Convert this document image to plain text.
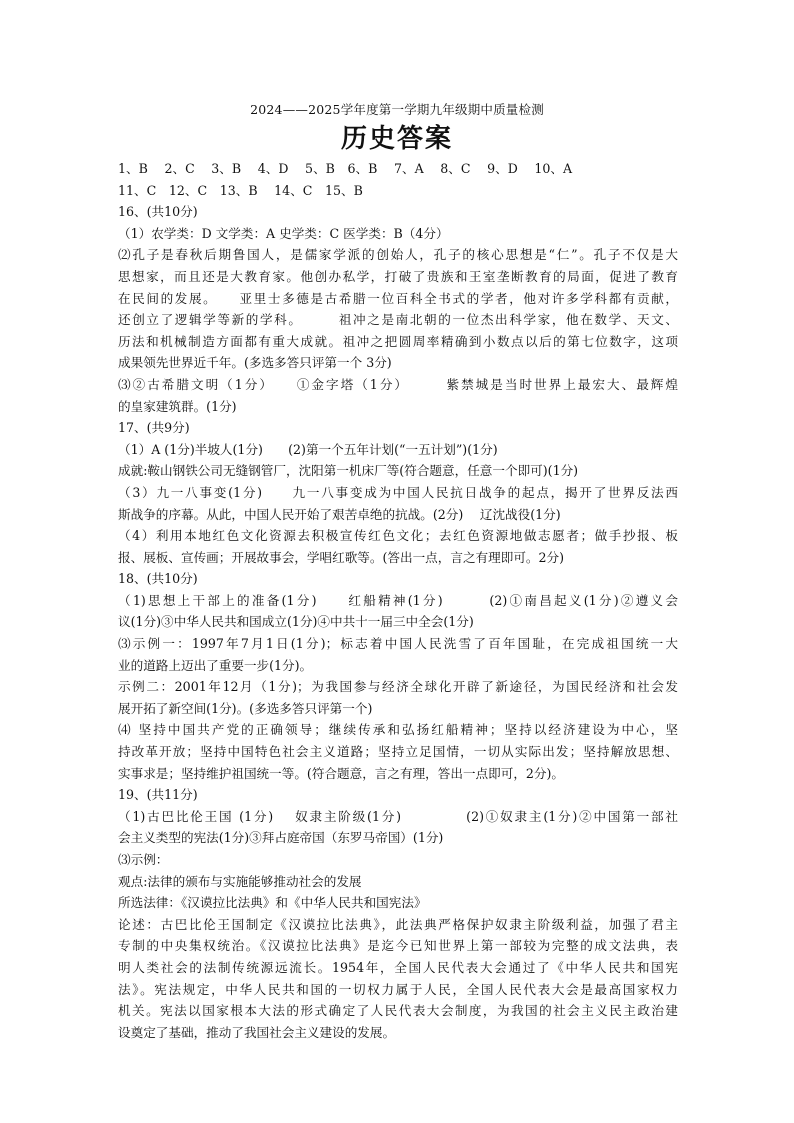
2024——2025学年度第一学期九年级期中质量检测
历史答案
1、B　 2、C　 3、B　 4、D　 5、B　6、B　 7、A　 8、C　 9、D　 10、A
11、C　12、C　13、B　 14、C　15、B
16、(共10分)
（1）农学类：D 文学类：A 史学类：C 医学类：B（4分）
⑵孔子是春秋后期鲁国人，是儒家学派的创始人，孔子的核心思想是“仁”。孔子不仅是大
思想家，而且还是大教育家。他创办私学，打破了贵族和王室垄断教育的局面，促进了教育
在民间的发展。　　亚里士多德是古希腊一位百科全书式的学者，他对许多学科都有贡献，
还创立了逻辑学等新的学科。　　　祖冲之是南北朝的一位杰出科学家，他在数学、天文、
历法和机械制造方面都有重大成就。祖冲之把圆周率精确到小数点以后的第七位数字，这项
成果领先世界近千年。(多选多答只评第一个 3分)
⑶②古希腊文明（1分）　　①金字塔（1分）　　　紫禁城是当时世界上最宏大、最辉煌
的皇家建筑群。(1分)
17、(共9分)
（1）A (1分)半坡人(1分)　　(2)第一个五年计划(“一五计划”)(1分)
成就:鞍山钢铁公司无缝钢管厂，沈阳第一机床厂等(符合题意，任意一个即可)(1分)
（3）九一八事变(1分)　　九一八事变成为中国人民抗日战争的起点，揭开了世界反法西
斯战争的序幕。从此，中国人民开始了艰苦卓绝的抗战。(2分)　 辽沈战役(1分)
（4）利用本地红色文化资源去积极宣传红色文化；去红色资源地做志愿者；做手抄报、板
报、展板、宣传画；开展故事会，学唱红歌等。(答出一点，言之有理即可。2分)
18、(共10分)
（1)思想上干部上的准备(1分)　　红船精神(1分)　　　(2)①南昌起义(1分)②遵义会
议(1分)③中华人民共和国成立(1分)④中共十一届三中全会(1分)
⑶示例一：1997年7月1日(1分)；标志着中国人民洗雪了百年国耻，在完成祖国统一大
业的道路上迈出了重要一步(1分)。
示例二：2001年12月（1分)；为我国参与经济全球化开辟了新途径，为国民经济和社会发
展开拓了新空间(1分)。(多选多答只评第一个)
⑷ 坚持中国共产党的正确领导；继续传承和弘扬红船精神；坚持以经济建设为中心，坚
持改革开放；坚持中国特色社会主义道路；坚持立足国情，一切从实际出发；坚持解放思想、
实事求是；坚持维护祖国统一等。(符合题意，言之有理，答出一点即可，2分)。
19、(共11分)
（1)古巴比伦王国 (1分)　 奴隶主阶级(1分)　　　　 (2)①奴隶主(1分)②中国第一部社
会主义类型的宪法(1分)③拜占庭帝国（东罗马帝国）(1分)
⑶示例：
观点:法律的颁布与实施能够推动社会的发展
所选法律：《汉谟拉比法典》和《中华人民共和国宪法》
论述：古巴比伦王国制定《汉谟拉比法典》，此法典严格保护奴隶主阶级利益，加强了君主
专制的中央集权统治。《汉谟拉比法典》是迄今已知世界上第一部较为完整的成文法典，表
明人类社会的法制传统源远流长。1954年，全国人民代表大会通过了《中华人民共和国宪
法》。宪法规定，中华人民共和国的一切权力属于人民，全国人民代表大会是最高国家权力
机关。宪法以国家根本大法的形式确定了人民代表大会制度，为我国的社会主义民主政治建
设奠定了基础，推动了我国社会主义建设的发展。
